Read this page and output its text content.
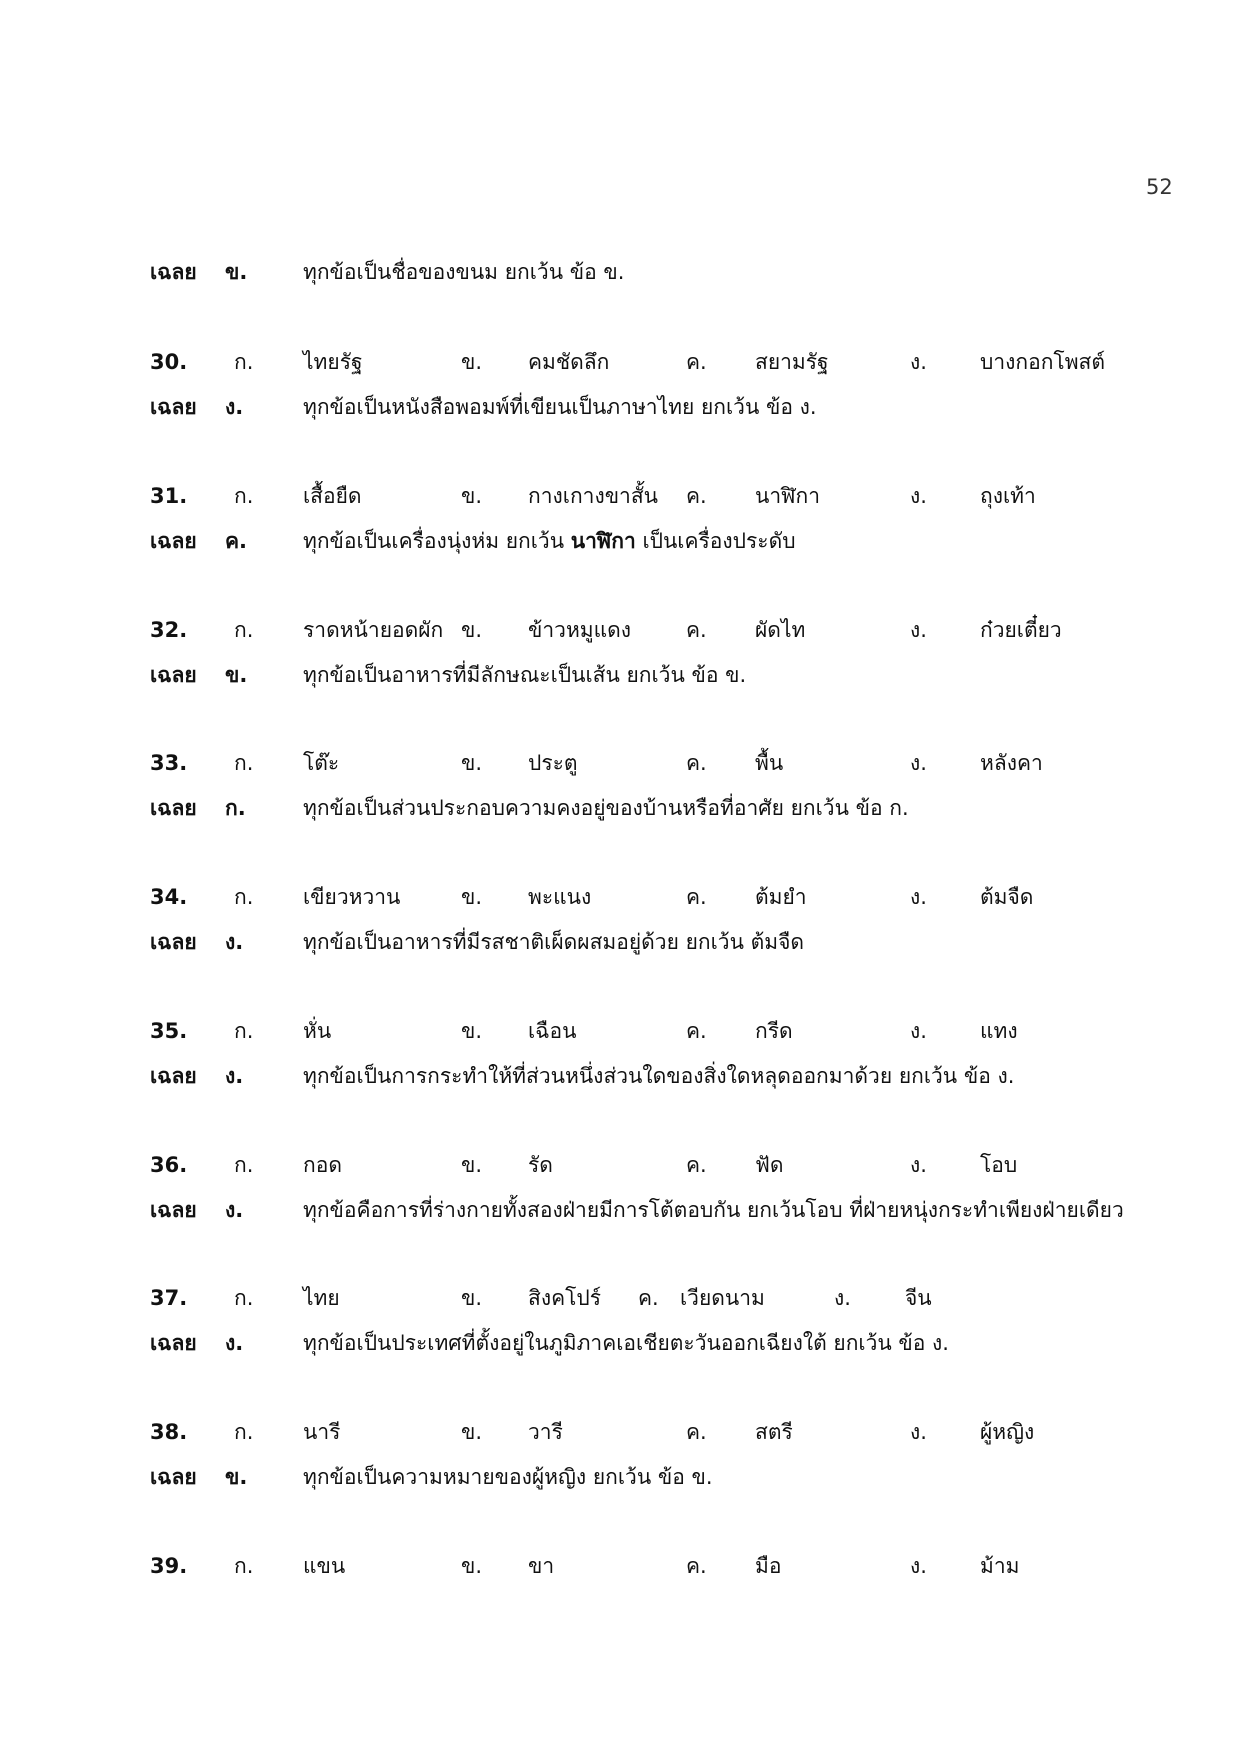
52
เฉลย ข.	ทุกข้อเป็นชื่อของขนม ยกเว้น ข้อ ข.
30. ก. ไทยรัฐ	ข. คมชัดลึก	ค. สยามรัฐ	ง.	บางกอกโพสต์
เฉลย ง.	ทุกข้อเป็นหนังสือพอมพ์ที่เขียนเป็นภาษาไทย ยกเว้น ข้อ ง.
31. ก. เสื้อยืด	ข. กางเกางขาสั้น ค. นาฬิกา	ง.	ถุงเท้า
เฉลย ค.	ทุกข้อเป็นเครื่องนุ่งห่ม ยกเว้น นาฬิกา เป็นเครื่องประดับ
32. ก. ราดหน้ายอดผัก ข. ข้าวหมูแดง	ค. ผัดไท	ง.	ก๋วยเตี๋ยว
เฉลย ข.	ทุกข้อเป็นอาหารที่มีลักษณะเป็นเส้น ยกเว้น ข้อ ข.
33. ก. โต๊ะ	ข. ประตู	ค. พื้น	ง.	หลังคา
เฉลย ก.	ทุกข้อเป็นส่วนประกอบความคงอยู่ของบ้านหรือที่อาศัย ยกเว้น ข้อ ก.
34. ก. เขียวหวาน	ข. พะแนง	ค. ต้มยำ	ง.	ต้มจืด
เฉลย ง.	ทุกข้อเป็นอาหารที่มีรสชาติเผ็ดผสมอยู่ด้วย ยกเว้น ต้มจืด
35. ก. หั่น	ข. เฉือน	ค. กรีด	ง.	แทง
เฉลย ง.	ทุกข้อเป็นการกระทำให้ที่ส่วนหนึ่งส่วนใดของสิ่งใดหลุดออกมาด้วย ยกเว้น ข้อ ง.
36. ก. กอด	ข. รัด	ค. ฟัด	ง.	โอบ
เฉลย ง.	ทุกข้อคือการที่ร่างกายทั้งสองฝ่ายมีการโต้ตอบกัน ยกเว้นโอบ ที่ฝ่ายหนุ่งกระทำเพียงฝ่ายเดียว
37. ก. ไทย	ข. สิงคโปร์ ค. เวียดนาม	ง.	จีน
เฉลย ง.	ทุกข้อเป็นประเทศที่ตั้งอยู่ในภูมิภาคเอเชียตะวันออกเฉียงใต้ ยกเว้น ข้อ ง.
38. ก. นารี	ข. วารี	ค. สตรี	ง.	ผู้หญิง
เฉลย ข.	ทุกข้อเป็นความหมายของผู้หญิง ยกเว้น ข้อ ข.
39. ก. แขน	ข. ขา	ค. มือ	ง.	ม้าม
